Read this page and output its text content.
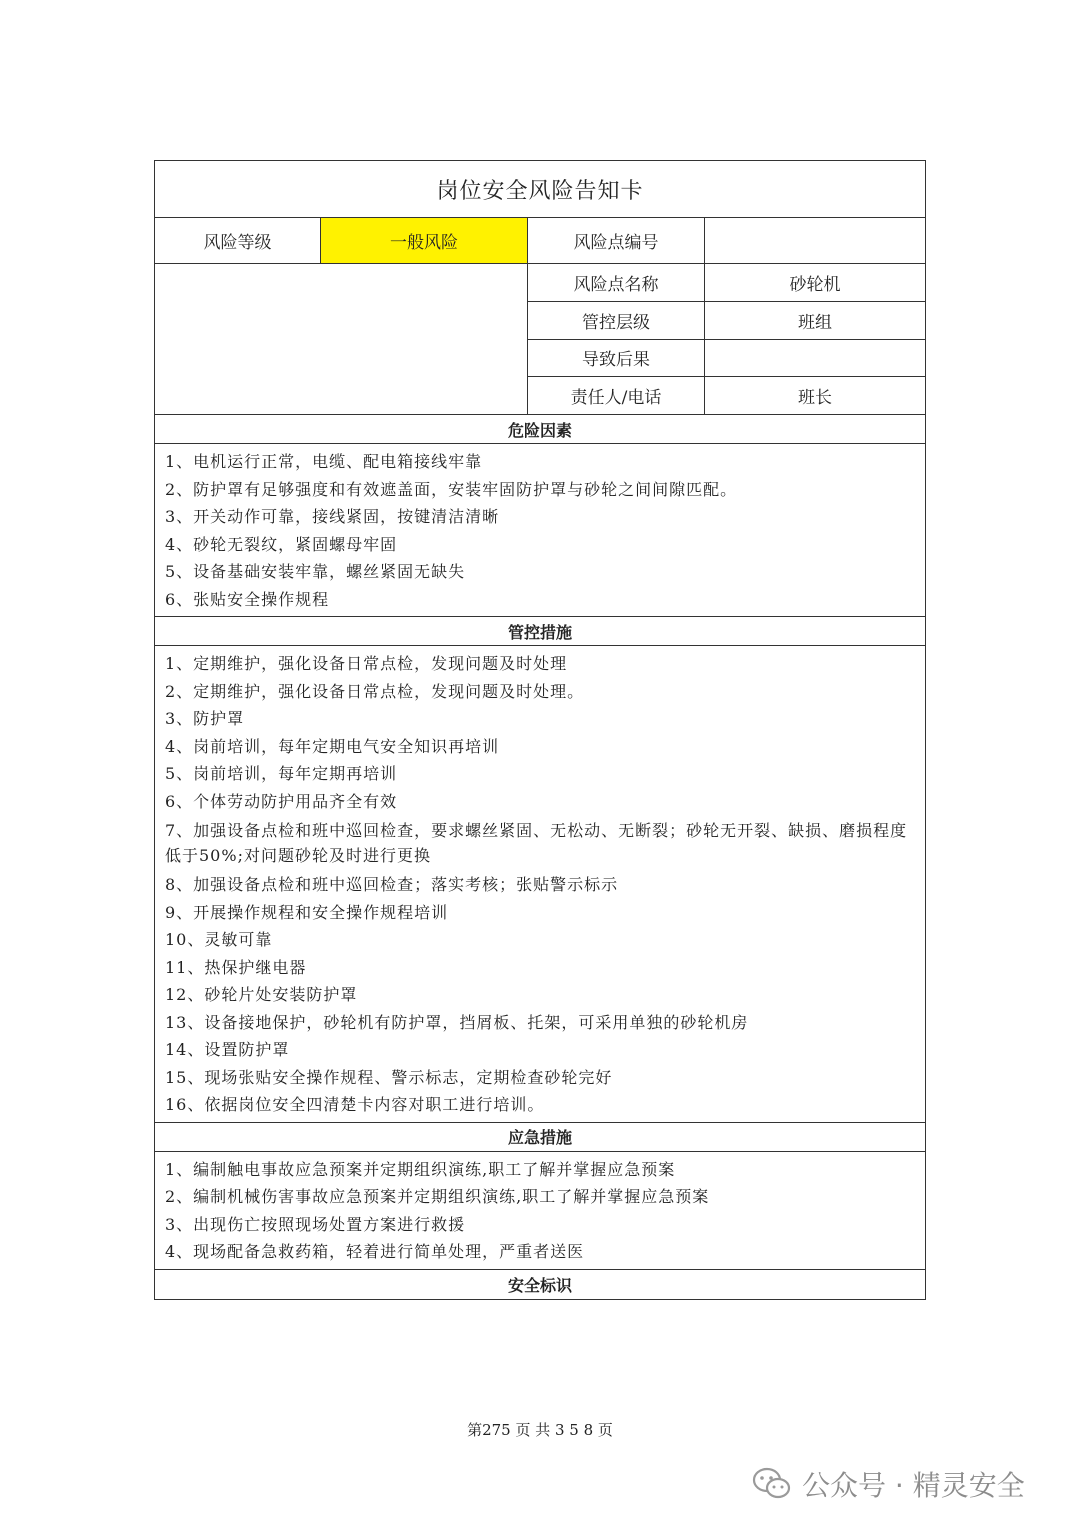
岗位安全风险告知卡
风险等级	一般风险	风险点编号
风险点名称	砂轮机
管控层级	班组
导致后果
责任人/电话	班长
危险因素
1、电机运行正常，电缆、配电箱接线牢靠
2、防护罩有足够强度和有效遮盖面，安装牢固防护罩与砂轮之间间隙匹配。
3、开关动作可靠，接线紧固，按键清洁清晰
4、砂轮无裂纹，紧固螺母牢固
5、设备基础安装牢靠，螺丝紧固无缺失
6、张贴安全操作规程
管控措施
1、定期维护，强化设备日常点检，发现问题及时处理
2、定期维护，强化设备日常点检，发现问题及时处理。
3、防护罩
4、岗前培训，每年定期电气安全知识再培训
5、岗前培训，每年定期再培训
6、个体劳动防护用品齐全有效
7、加强设备点检和班中巡回检查，要求螺丝紧固、无松动、无断裂；砂轮无开裂、缺损、磨损程度低于50%;对问题砂轮及时进行更换
8、加强设备点检和班中巡回检查；落实考核；张贴警示标示
9、开展操作规程和安全操作规程培训
10、灵敏可靠
11、热保护继电器
12、砂轮片处安装防护罩
13、设备接地保护，砂轮机有防护罩，挡屑板、托架，可采用单独的砂轮机房
14、设置防护罩
15、现场张贴安全操作规程、警示标志，定期检查砂轮完好
16、依据岗位安全四清楚卡内容对职工进行培训。
应急措施
1、编制触电事故应急预案并定期组织演练,职工了解并掌握应急预案
2、编制机械伤害事故应急预案并定期组织演练,职工了解并掌握应急预案
3、出现伤亡按照现场处置方案进行救援
4、现场配备急救药箱，轻着进行简单处理，严重者送医
安全标识
第275 页 共 3 5 8 页
公众号 · 精灵安全
